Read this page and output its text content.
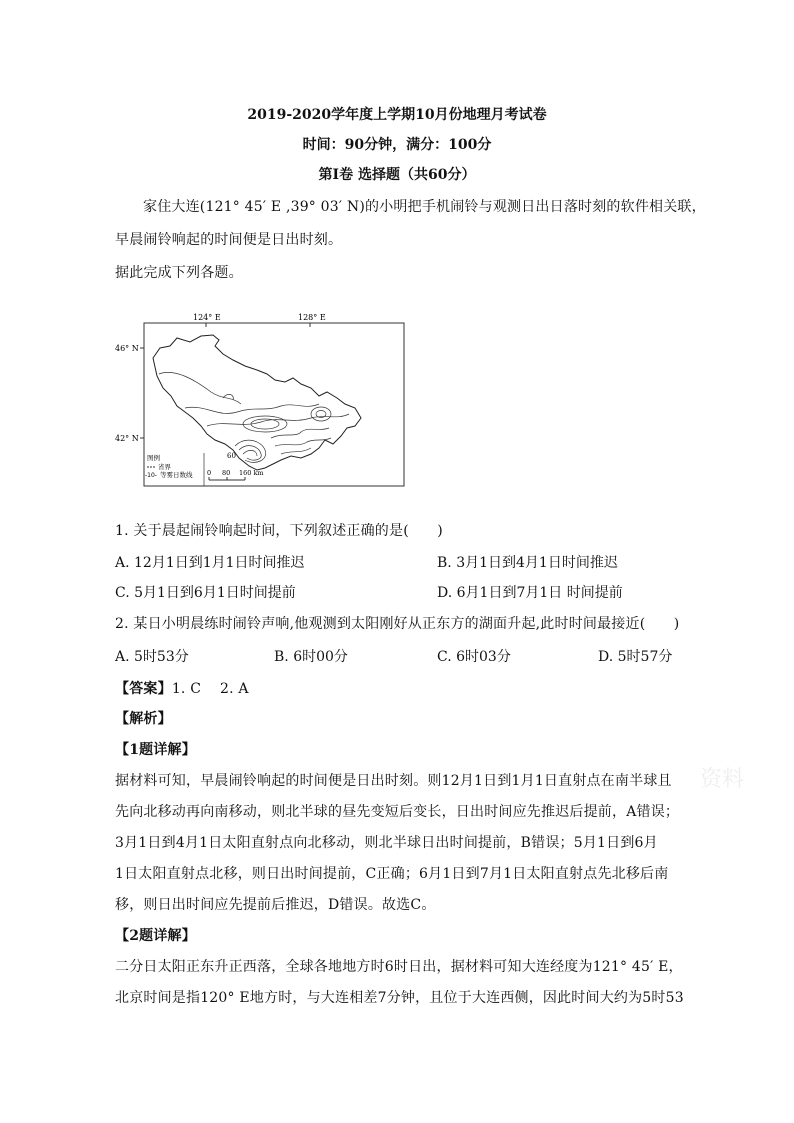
2019-2020学年度上学期10月份地理月考试卷
时间：90分钟，满分：100分
第Ⅰ卷 选择题（共60分）
家住大连(121° 45′ E ,39° 03′ N)的小明把手机闹铃与观测日出日落时刻的软件相关联，
早晨闹铃响起的时间便是日出时刻。
据此完成下列各题。
124° E	128° E
46° N
42° N
60
图例
省界
-10- 等雾日数线 0 80 160 km
1. 关于晨起闹铃响起时间，下列叙述正确的是(　　)
A. 12月1日到1月1日时间推迟	B. 3月1日到4月1日时间推迟
C. 5月1日到6月1日时间提前	D. 6月1日到7月1日 时间提前
2. 某日小明晨练时闹铃声响,他观测到太阳刚好从正东方的湖面升起,此时时间最接近(　　)
A. 5时53分	B. 6时00分	C. 6时03分	D. 5时57分
【答案】1. C　 2. A
【解析】
【1题详解】
据材料可知，早晨闹铃响起的时间便是日出时刻。则12月1日到1月1日直射点在南半球且
先向北移动再向南移动，则北半球的昼先变短后变长，日出时间应先推迟后提前，A错误；
3月1日到4月1日太阳直射点向北移动，则北半球日出时间提前，B错误；5月1日到6月
1日太阳直射点北移，则日出时间提前，C正确；6月1日到7月1日太阳直射点先北移后南
移，则日出时间应先提前后推迟，D错误。故选C。
【2题详解】
二分日太阳正东升正西落，全球各地地方时6时日出，据材料可知大连经度为121° 45′ E，
北京时间是指120° E地方时，与大连相差7分钟，且位于大连西侧，因此时间大约为5时53
资料
